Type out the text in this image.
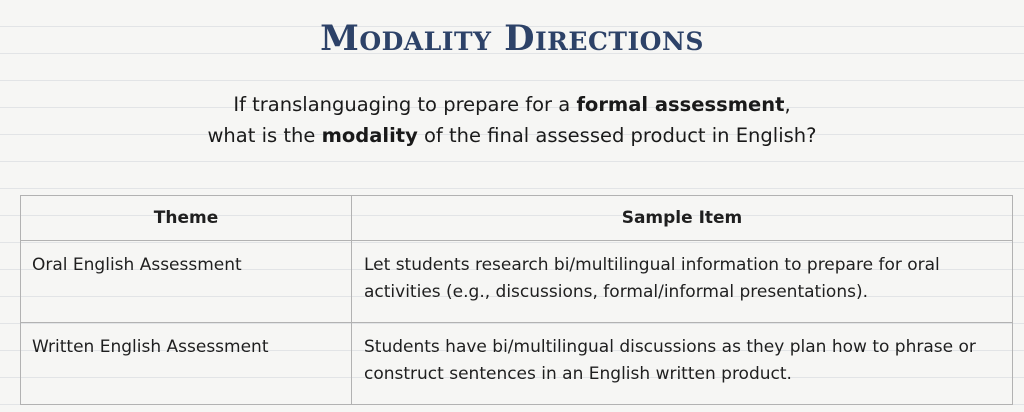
Modality Directions
If translanguaging to prepare for a formal assessment,
what is the modality of the final assessed product in English?
Theme	Sample Item
Oral English Assessment	Let students research bi/multilingual information to prepare for oral activities (e.g., discussions, formal/informal presentations).
Written English Assessment	Students have bi/multilingual discussions as they plan how to phrase or construct sentences in an English written product.
